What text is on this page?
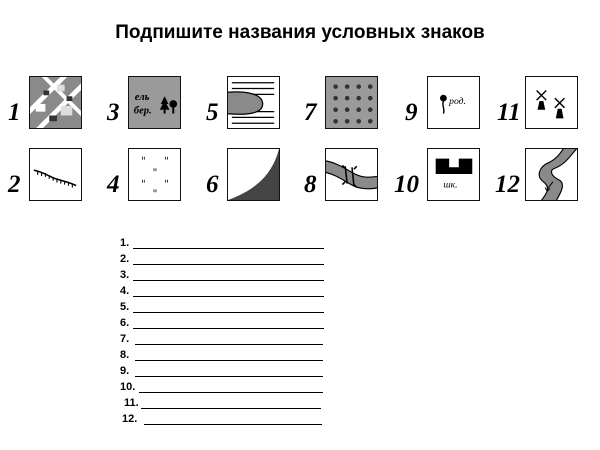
Подпишите названия условных знаков
1	3
ель
бер. 5	7	9	род. 11
2	4	6	8	10 шк. 12
1.
2.
3.
4.
5.
6.
7.
8.
9.
10.
11.
12.
